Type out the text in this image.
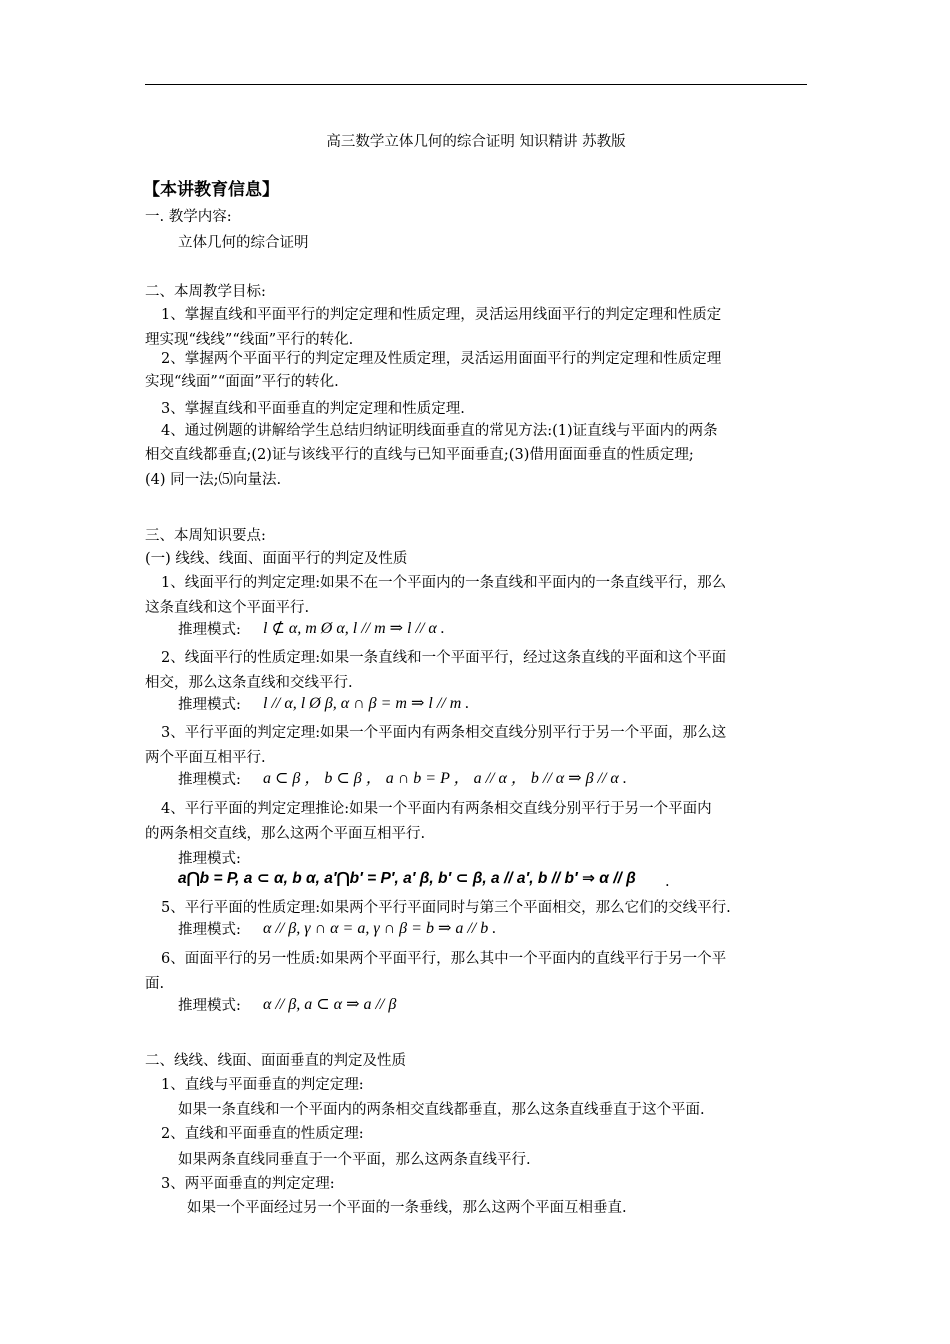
高三数学立体几何的综合证明 知识精讲 苏教版
【本讲教育信息】
一. 教学内容:
立体几何的综合证明
二、本周教学目标:
1、掌握直线和平面平行的判定定理和性质定理，灵活运用线面平行的判定定理和性质定
理实现“线线”“线面”平行的转化.
2、掌握两个平面平行的判定定理及性质定理，灵活运用面面平行的判定定理和性质定理
实现“线面”“面面”平行的转化.
3、掌握直线和平面垂直的判定定理和性质定理.
4、通过例题的讲解给学生总结归纳证明线面垂直的常见方法:(1)证直线与平面内的两条
相交直线都垂直;(2)证与该线平行的直线与已知平面垂直;(3)借用面面垂直的性质定理;
(4) 同一法;⑸向量法.
三、本周知识要点:
(一) 线线、线面、面面平行的判定及性质
1、线面平行的判定定理:如果不在一个平面内的一条直线和平面内的一条直线平行，那么
这条直线和这个平面平行.
推理模式: l ⊄ α, m Ø α, l // m ⇒ l // α .
2、线面平行的性质定理:如果一条直线和一个平面平行，经过这条直线的平面和这个平面
相交，那么这条直线和交线平行.
推理模式: l // α, l Ø β, α ∩ β = m ⇒ l // m .
3、平行平面的判定定理:如果一个平面内有两条相交直线分别平行于另一个平面，那么这
两个平面互相平行.
推理模式: a ⊂ β ， b ⊂ β ， a ∩ b = P ， a // α ， b // α ⇒ β // α .
4、平行平面的判定定理推论:如果一个平面内有两条相交直线分别平行于另一个平面内
的两条相交直线，那么这两个平面互相平行.
推理模式:
a⋂b = P, a ⊂ α, b α, a′⋂b′ = P′, a′ β, b′ ⊂ β, a // a′, b // b′ ⇒ α // β .
5、平行平面的性质定理:如果两个平行平面同时与第三个平面相交，那么它们的交线平行.
推理模式: α // β, γ ∩ α = a, γ ∩ β = b ⇒ a // b .
6、面面平行的另一性质:如果两个平面平行，那么其中一个平面内的直线平行于另一个平
面.
推理模式: α // β, a ⊂ α ⇒ a // β
二、线线、线面、面面垂直的判定及性质
1、直线与平面垂直的判定定理:
如果一条直线和一个平面内的两条相交直线都垂直，那么这条直线垂直于这个平面.
2、直线和平面垂直的性质定理:
如果两条直线同垂直于一个平面，那么这两条直线平行.
3、两平面垂直的判定定理:
如果一个平面经过另一个平面的一条垂线，那么这两个平面互相垂直.
